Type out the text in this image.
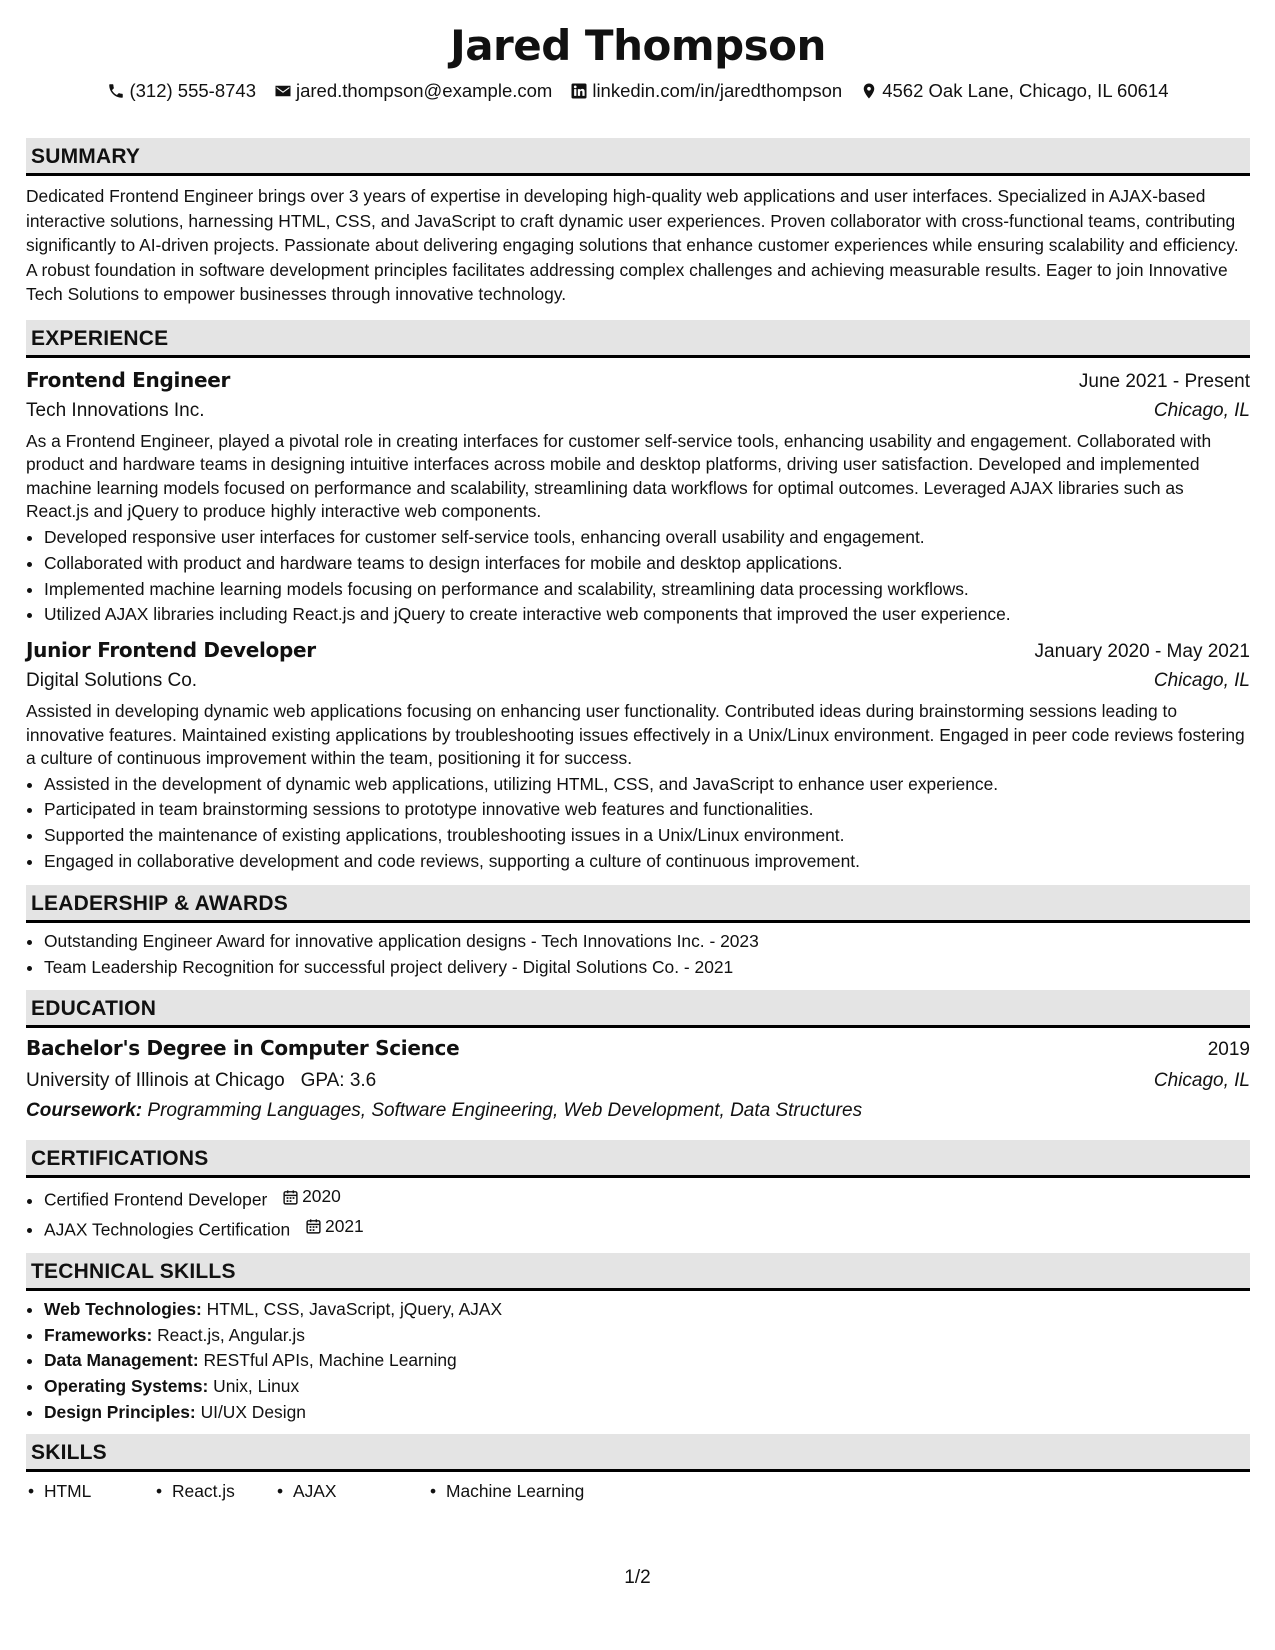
Jared Thompson
(312) 555-8743 jared.thompson@example.com linkedin.com/in/jaredthompson 4562 Oak Lane, Chicago, IL 60614
SUMMARY

Dedicated Frontend Engineer brings over 3 years of expertise in developing high-quality web applications and user interfaces. Specialized in AJAX-based interactive solutions, harnessing HTML, CSS, and JavaScript to craft dynamic user experiences. Proven collaborator with cross-functional teams, contributing significantly to AI-driven projects. Passionate about delivering engaging solutions that enhance customer experiences while ensuring scalability and efficiency. A robust foundation in software development principles facilitates addressing complex challenges and achieving measurable results. Eager to join Innovative Tech Solutions to empower businesses through innovative technology.

EXPERIENCE
Frontend Engineer	June 2021 - Present
Tech Innovations Inc.	Chicago, IL

As a Frontend Engineer, played a pivotal role in creating interfaces for customer self-service tools, enhancing usability and engagement. Collaborated with product and hardware teams in designing intuitive interfaces across mobile and desktop platforms, driving user satisfaction. Developed and implemented machine learning models focused on performance and scalability, streamlining data workflows for optimal outcomes. Leveraged AJAX libraries such as React.js and jQuery to produce highly interactive web components.

• Developed responsive user interfaces for customer self-service tools, enhancing overall usability and engagement.
• Collaborated with product and hardware teams to design interfaces for mobile and desktop applications.
• Implemented machine learning models focusing on performance and scalability, streamlining data processing workflows.
• Utilized AJAX libraries including React.js and jQuery to create interactive web components that improved the user experience.
Junior Frontend Developer	January 2020 - May 2021
Digital Solutions Co.	Chicago, IL

Assisted in developing dynamic web applications focusing on enhancing user functionality. Contributed ideas during brainstorming sessions leading to innovative features. Maintained existing applications by troubleshooting issues effectively in a Unix/Linux environment. Engaged in peer code reviews fostering a culture of continuous improvement within the team, positioning it for success.

• Assisted in the development of dynamic web applications, utilizing HTML, CSS, and JavaScript to enhance user experience.
• Participated in team brainstorming sessions to prototype innovative web features and functionalities.
• Supported the maintenance of existing applications, troubleshooting issues in a Unix/Linux environment.
• Engaged in collaborative development and code reviews, supporting a culture of continuous improvement.
LEADERSHIP & AWARDS
• Outstanding Engineer Award for innovative application designs - Tech Innovations Inc. - 2023
• Team Leadership Recognition for successful project delivery - Digital Solutions Co. - 2021
EDUCATION
Bachelor's Degree in Computer Science	2019
University of Illinois at Chicago GPA: 3.6	Chicago, IL
Coursework: Programming Languages, Software Engineering, Web Development, Data Structures
CERTIFICATIONS
• Certified Frontend Developer 2020
• AJAX Technologies Certification 2021
TECHNICAL SKILLS
• Web Technologies: HTML, CSS, JavaScript, jQuery, AJAX
• Frameworks: React.js, Angular.js
• Data Management: RESTful APIs, Machine Learning
• Operating Systems: Unix, Linux
• Design Principles: UI/UX Design
SKILLS
• HTML	• React.js	• AJAX	• Machine Learning
1/2
